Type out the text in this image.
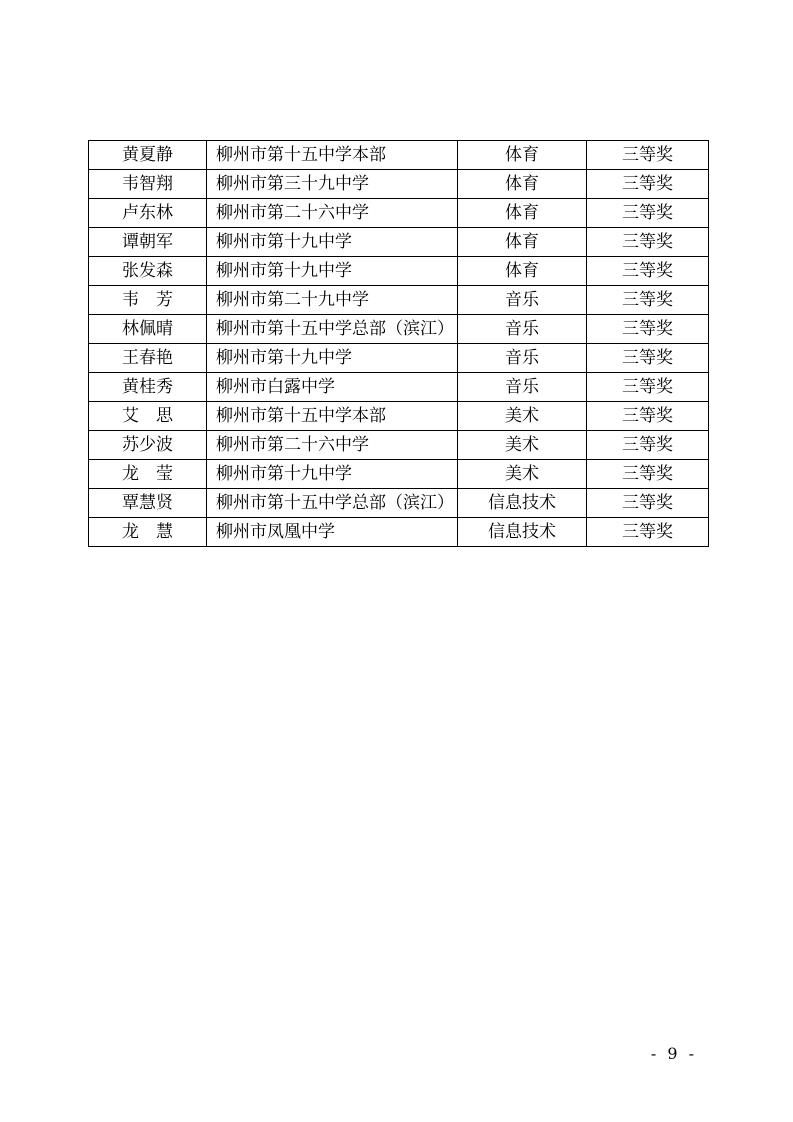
黄夏静	柳州市第十五中学本部	体育	三等奖
韦智翔	柳州市第三十九中学	体育	三等奖
卢东林	柳州市第二十六中学	体育	三等奖
谭朝军	柳州市第十九中学	体育	三等奖
张发森	柳州市第十九中学	体育	三等奖
韦　芳	柳州市第二十九中学	音乐	三等奖
林佩晴	柳州市第十五中学总部（滨江）	音乐	三等奖
王春艳	柳州市第十九中学	音乐	三等奖
黄桂秀	柳州市白露中学	音乐	三等奖
艾　思	柳州市第十五中学本部	美术	三等奖
苏少波	柳州市第二十六中学	美术	三等奖
龙　莹	柳州市第十九中学	美术	三等奖
覃慧贤	柳州市第十五中学总部（滨江）	信息技术	三等奖
龙　慧	柳州市凤凰中学	信息技术	三等奖
- 9 -
